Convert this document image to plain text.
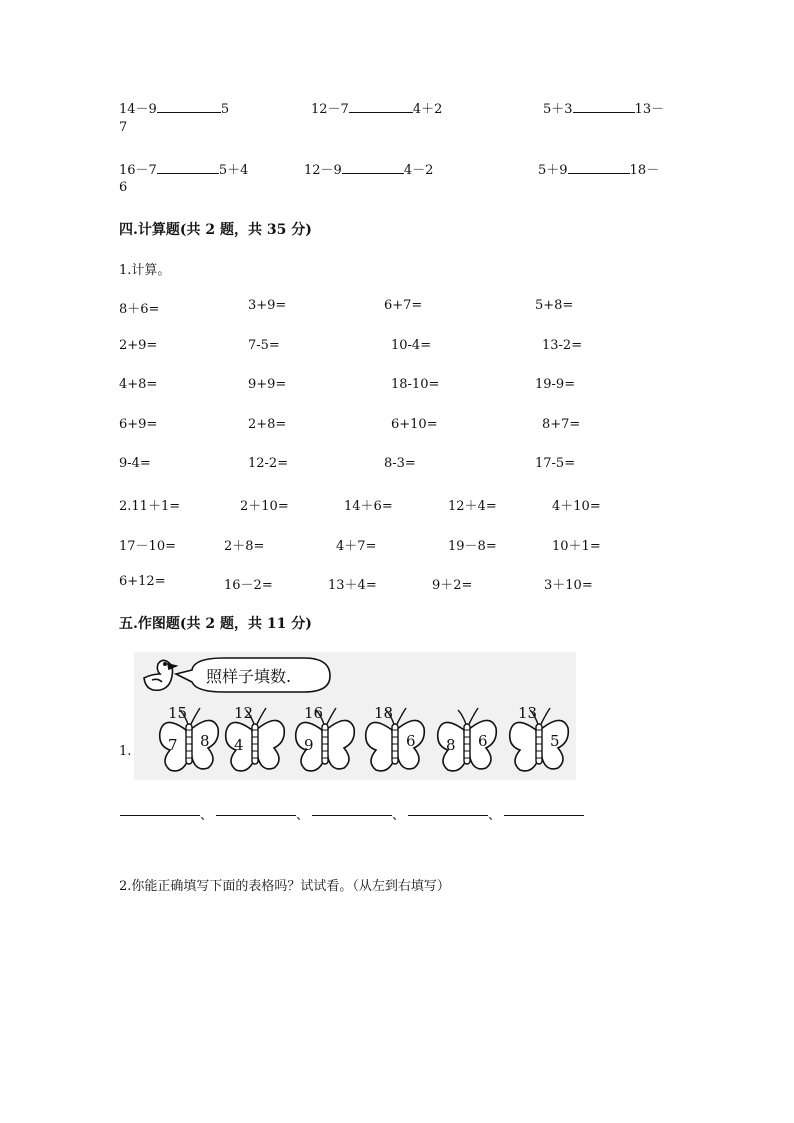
14－9	5	12－7	4＋2	5＋3	13－
7
16－7	5＋4	12－9	4－2	5＋9	18－
6
四.计算题(共 2 题，共 35 分)
1.计算。
8＋6=	3+9=	6+7=	5+8=
2+9=	7-5=	10-4=	13-2=
4+8=	9+9=	18-10=	19-9=
6+9=	2+8=	6+10=	8+7=
9-4=	12-2=	8-3=	17-5=
2.11＋1=	2＋10=	14＋6=	12＋4=	4＋10=
17－10=	2＋8=	4＋7=	19－8=	10＋1=
6+12=	16－2=	13＋4=	9＋2=	3＋10=
五.作图题(共 2 题，共 11 分)
照样子填数.
15
7 8
12
4
16
9
18
6 8 6
13
5
1.
、	、	、	、
2.你能正确填写下面的表格吗？试试看。（从左到右填写）
